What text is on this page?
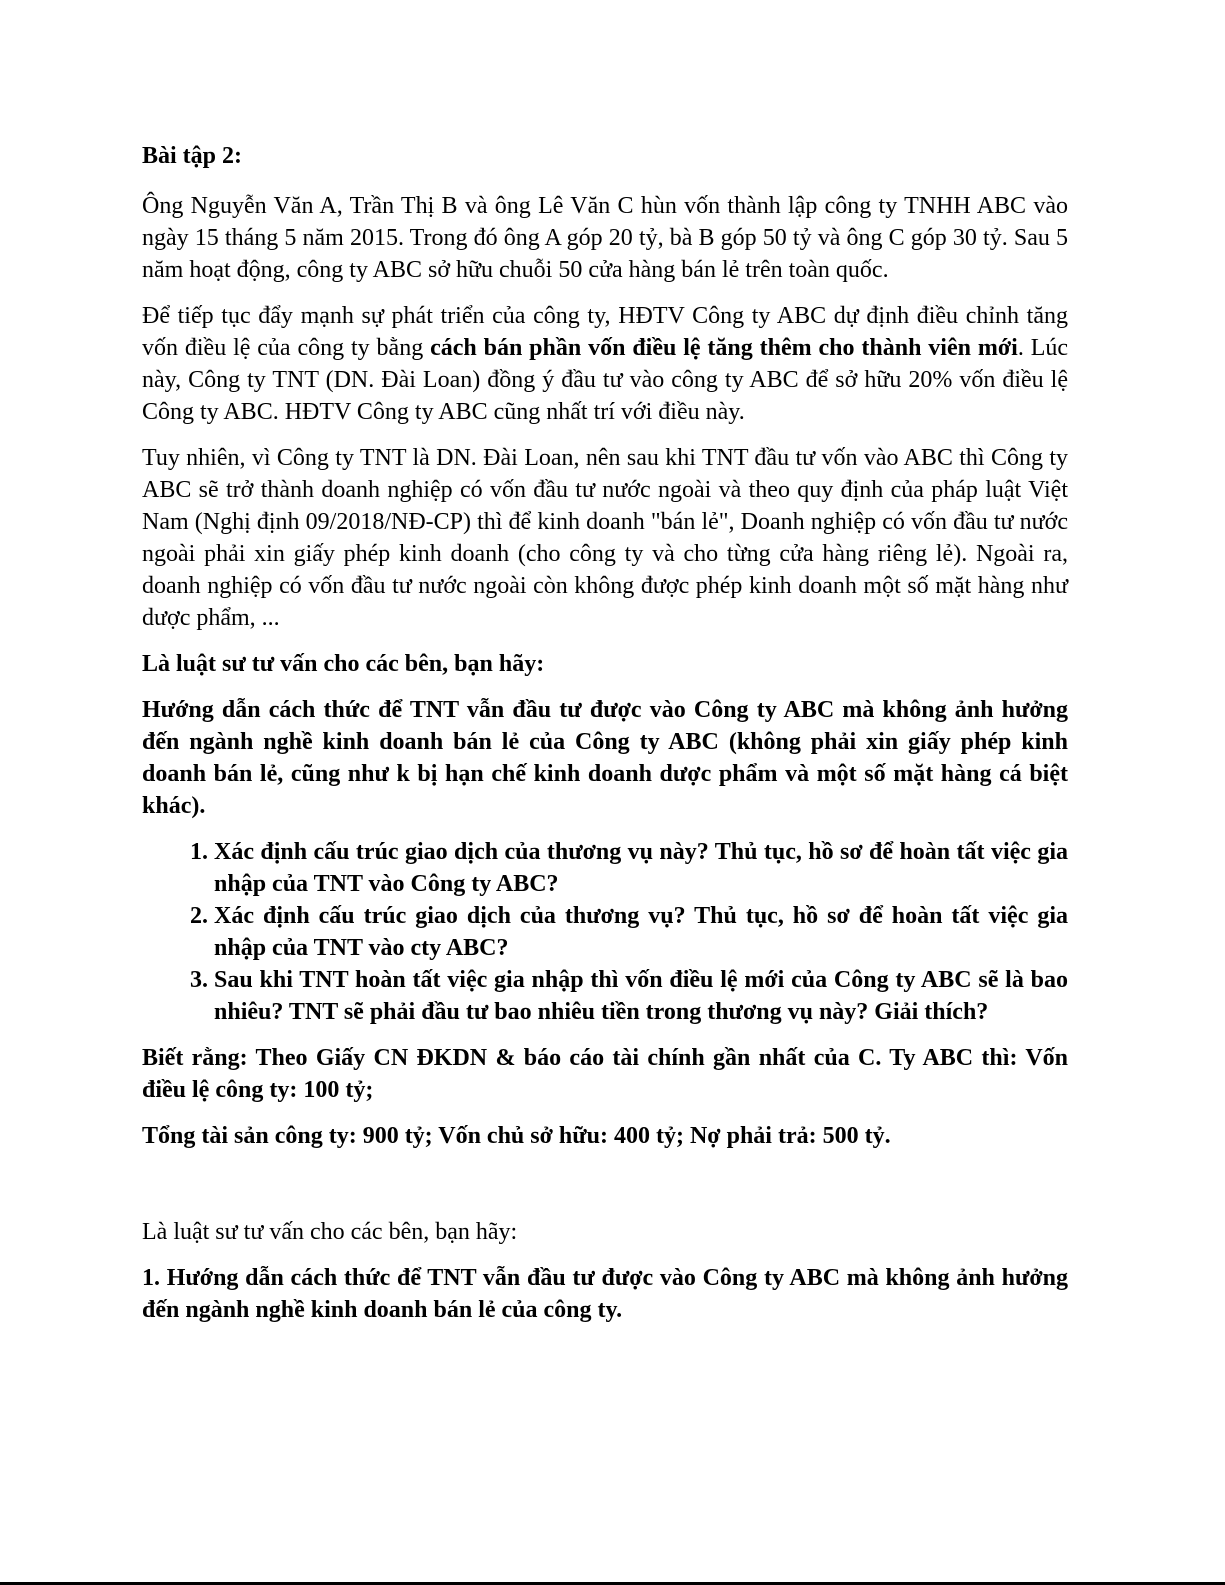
Bài tập 2:

Ông Nguyễn Văn A, Trần Thị B và ông Lê Văn C hùn vốn thành lập công ty TNHH ABC vào ngày 15 tháng 5 năm 2015. Trong đó ông A góp 20 tỷ, bà B góp 50 tỷ và ông C góp 30 tỷ. Sau 5 năm hoạt động, công ty ABC sở hữu chuỗi 50 cửa hàng bán lẻ trên toàn quốc.

Để tiếp tục đẩy mạnh sự phát triển của công ty, HĐTV Công ty ABC dự định điều chỉnh tăng vốn điều lệ của công ty bằng cách bán phần vốn điều lệ tăng thêm cho thành viên mới. Lúc này, Công ty TNT (DN. Đài Loan) đồng ý đầu tư vào công ty ABC để sở hữu 20% vốn điều lệ Công ty ABC. HĐTV Công ty ABC cũng nhất trí với điều này.

Tuy nhiên, vì Công ty TNT là DN. Đài Loan, nên sau khi TNT đầu tư vốn vào ABC thì Công ty ABC sẽ trở thành doanh nghiệp có vốn đầu tư nước ngoài và theo quy định của pháp luật Việt Nam (Nghị định 09/2018/NĐ-CP) thì để kinh doanh "bán lẻ", Doanh nghiệp có vốn đầu tư nước ngoài phải xin giấy phép kinh doanh (cho công ty và cho từng cửa hàng riêng lẻ). Ngoài ra, doanh nghiệp có vốn đầu tư nước ngoài còn không được phép kinh doanh một số mặt hàng như dược phẩm, ...

Là luật sư tư vấn cho các bên, bạn hãy:

Hướng dẫn cách thức để TNT vẫn đầu tư được vào Công ty ABC mà không ảnh hưởng đến ngành nghề kinh doanh bán lẻ của Công ty ABC (không phải xin giấy phép kinh doanh bán lẻ, cũng như k bị hạn chế kinh doanh dược phẩm và một số mặt hàng cá biệt khác).

1. Xác định cấu trúc giao dịch của thương vụ này? Thủ tục, hồ sơ để hoàn tất việc gia nhập của TNT vào Công ty ABC?
2. Xác định cấu trúc giao dịch của thương vụ? Thủ tục, hồ sơ để hoàn tất việc gia nhập của TNT vào cty ABC?
3. Sau khi TNT hoàn tất việc gia nhập thì vốn điều lệ mới của Công ty ABC sẽ là bao nhiêu? TNT sẽ phải đầu tư bao nhiêu tiền trong thương vụ này? Giải thích?

Biết rằng: Theo Giấy CN ĐKDN & báo cáo tài chính gần nhất của C. Ty ABC thì: Vốn điều lệ công ty: 100 tỷ;

Tổng tài sản công ty: 900 tỷ; Vốn chủ sở hữu: 400 tỷ; Nợ phải trả: 500 tỷ.

Là luật sư tư vấn cho các bên, bạn hãy:

1. Hướng dẫn cách thức để TNT vẫn đầu tư được vào Công ty ABC mà không ảnh hưởng đến ngành nghề kinh doanh bán lẻ của công ty.
